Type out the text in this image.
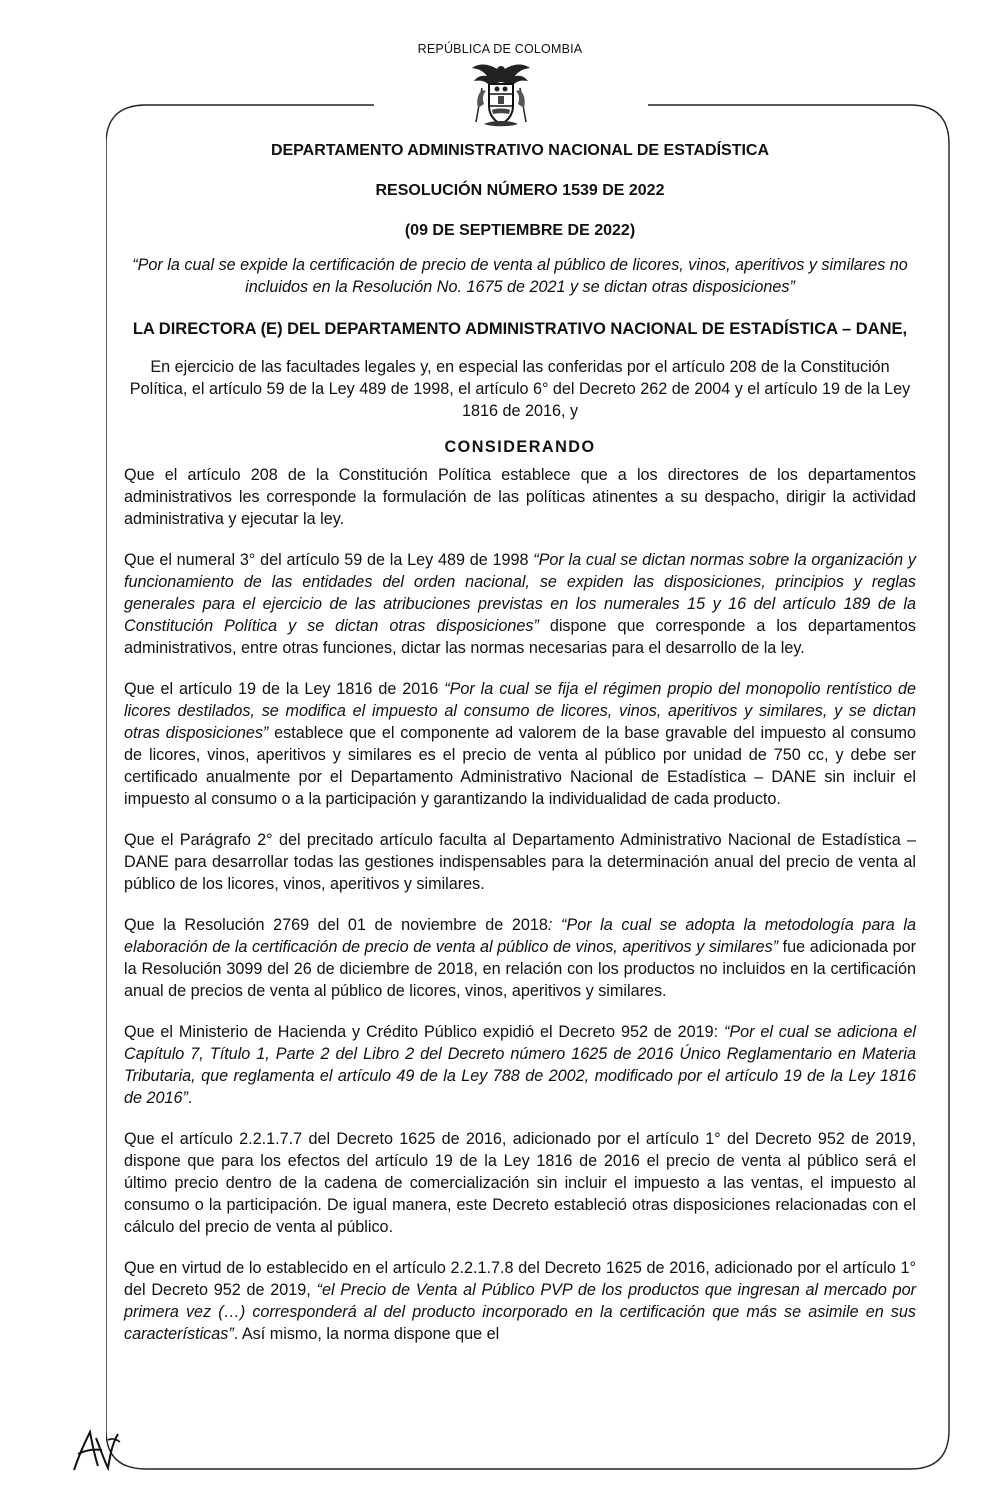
REPÚBLICA DE COLOMBIA
DEPARTAMENTO ADMINISTRATIVO NACIONAL DE ESTADÍSTICA
RESOLUCIÓN NÚMERO 1539 DE 2022
(09 DE SEPTIEMBRE DE 2022)
“Por la cual se expide la certificación de precio de venta al público de licores, vinos, aperitivos y similares no incluidos en la Resolución No. 1675 de 2021 y se dictan otras disposiciones”
LA DIRECTORA (E) DEL DEPARTAMENTO ADMINISTRATIVO NACIONAL DE ESTADÍSTICA – DANE,
En ejercicio de las facultades legales y, en especial las conferidas por el artículo 208 de la Constitución Política, el artículo 59 de la Ley 489 de 1998, el artículo 6° del Decreto 262 de 2004 y el artículo 19 de la Ley 1816 de 2016, y
CONSIDERANDO

Que el artículo 208 de la Constitución Política establece que a los directores de los departamentos administrativos les corresponde la formulación de las políticas atinentes a su despacho, dirigir la actividad administrativa y ejecutar la ley.

Que el numeral 3° del artículo 59 de la Ley 489 de 1998 “Por la cual se dictan normas sobre la organización y funcionamiento de las entidades del orden nacional, se expiden las disposiciones, principios y reglas generales para el ejercicio de las atribuciones previstas en los numerales 15 y 16 del artículo 189 de la Constitución Política y se dictan otras disposiciones” dispone que corresponde a los departamentos administrativos, entre otras funciones, dictar las normas necesarias para el desarrollo de la ley.

Que el artículo 19 de la Ley 1816 de 2016 “Por la cual se fija el régimen propio del monopolio rentístico de licores destilados, se modifica el impuesto al consumo de licores, vinos, aperitivos y similares, y se dictan otras disposiciones” establece que el componente ad valorem de la base gravable del impuesto al consumo de licores, vinos, aperitivos y similares es el precio de venta al público por unidad de 750 cc, y debe ser certificado anualmente por el Departamento Administrativo Nacional de Estadística – DANE sin incluir el impuesto al consumo o a la participación y garantizando la individualidad de cada producto.

Que el Parágrafo 2° del precitado artículo faculta al Departamento Administrativo Nacional de Estadística – DANE para desarrollar todas las gestiones indispensables para la determinación anual del precio de venta al público de los licores, vinos, aperitivos y similares.

Que la Resolución 2769 del 01 de noviembre de 2018: “Por la cual se adopta la metodología para la elaboración de la certificación de precio de venta al público de vinos, aperitivos y similares” fue adicionada por la Resolución 3099 del 26 de diciembre de 2018, en relación con los productos no incluidos en la certificación anual de precios de venta al público de licores, vinos, aperitivos y similares.

Que el Ministerio de Hacienda y Crédito Público expidió el Decreto 952 de 2019: “Por el cual se adiciona el Capítulo 7, Título 1, Parte 2 del Libro 2 del Decreto número 1625 de 2016 Único Reglamentario en Materia Tributaria, que reglamenta el artículo 49 de la Ley 788 de 2002, modificado por el artículo 19 de la Ley 1816 de 2016”.

Que el artículo 2.2.1.7.7 del Decreto 1625 de 2016, adicionado por el artículo 1° del Decreto 952 de 2019, dispone que para los efectos del artículo 19 de la Ley 1816 de 2016 el precio de venta al público será el último precio dentro de la cadena de comercialización sin incluir el impuesto a las ventas, el impuesto al consumo o la participación. De igual manera, este Decreto estableció otras disposiciones relacionadas con el cálculo del precio de venta al público.

Que en virtud de lo establecido en el artículo 2.2.1.7.8 del Decreto 1625 de 2016, adicionado por el artículo 1° del Decreto 952 de 2019, “el Precio de Venta al Público PVP de los productos que ingresan al mercado por primera vez (…) corresponderá al del producto incorporado en la certificación que más se asimile en sus características”. Así mismo, la norma dispone que el
